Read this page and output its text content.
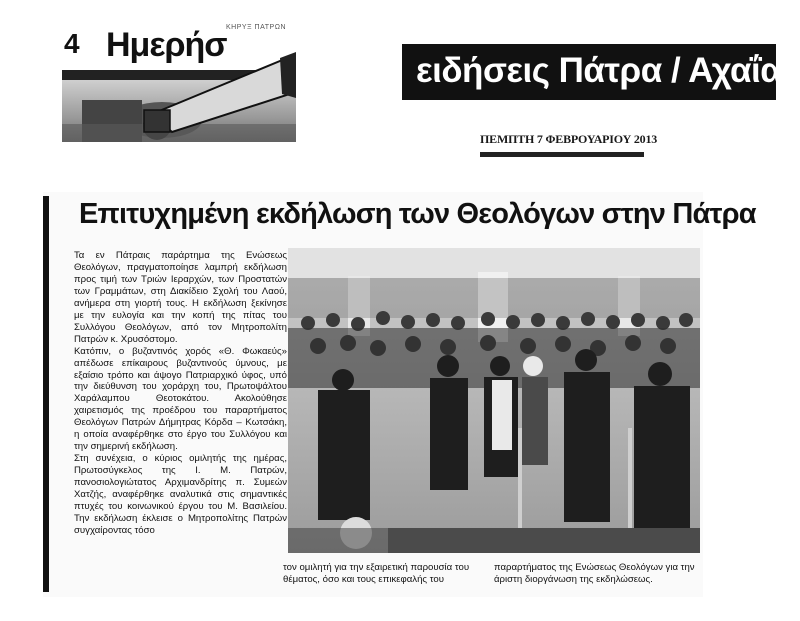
4 Ημερήσ ΚΗΡΥΞ ΠΑΤΡΩΝ
ειδήσεις Πάτρα / Αχαΐα
ΠΕΜΠΤΗ 7 ΦΕΒΡΟΥΑΡΙΟΥ 2013
Επιτυχημένη εκδήλωση των Θεολόγων στην Πάτρα

Τα εν Πάτραις παράρτημα της Ενώσεως Θεολόγων, πραγματοποίησε λαμπρή εκδήλωση προς τιμή των Τριών Ιεραρχών, των Προστατών των Γραμμάτων, στη Διακίδειο Σχολή του Λαού, ανήμερα στη γιορτή τους. Η εκδήλωση ξεκίνησε με την ευλογία και την κοπή της πίτας του Συλλόγου Θεολόγων, από τον Μητροπολίτη Πατρών κ. Χρυσόστομο.

Κατόπιν, ο βυζαντινός χορός «Θ. Φωκαεύς» απέδωσε επίκαιρους βυζαντινούς ύμνους, με εξαίσιο τρόπο και άψογο Πατριαρχικό ύφος, υπό την διεύθυνση του χοράρχη του, Πρωτοψάλτου Χαράλαμπου Θεοτοκάτου. Ακολούθησε χαιρετισμός της προέδρου του παραρτήματος Θεολόγων Πατρών Δήμητρας Κόρδα – Κωτσάκη, η οποία αναφέρθηκε στο έργο του Συλλόγου και την σημερινή εκδήλωση.

Στη συνέχεια, ο κύριος ομιλητής της ημέρας, Πρωτοσύγκελος της Ι. Μ. Πατρών, πανοσιολογιώτατος Αρχιμανδρίτης π. Συμεών Χατζής, αναφέρθηκε αναλυτικά στις σημαντικές πτυχές του κοινωνικού έργου του Μ. Βασιλείου. Την εκδήλωση έκλεισε ο Μητροπολίτης Πατρών συγχαίροντας τόσο

τον ομιλητή για την εξαιρετική παρουσία του θέματος, όσο και τους επικεφαλής του
παραρτήματος της Ενώσεως Θεολόγων για την άριστη διοργάνωση της εκδηλώσεως.
